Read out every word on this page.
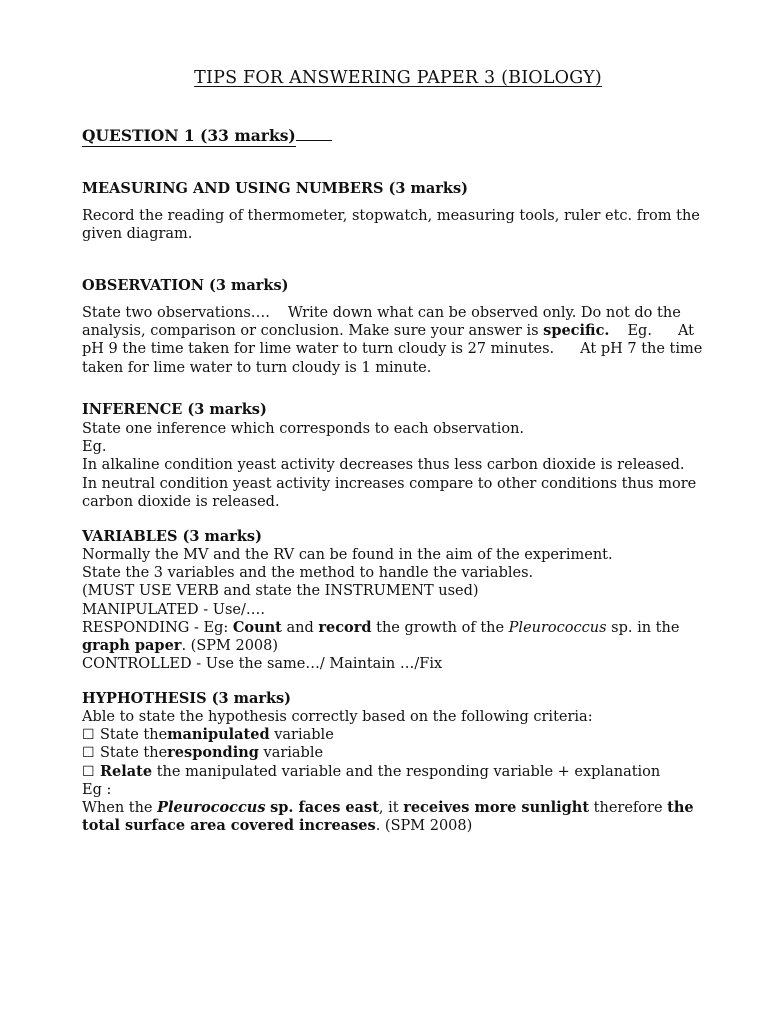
TIPS FOR ANSWERING PAPER 3 (BIOLOGY)
QUESTION 1 (33 marks)
MEASURING AND USING NUMBERS (3 marks)
Record the reading of thermometer, stopwatch, measuring tools, ruler etc. from the
given diagram.
OBSERVATION (3 marks)
State two observations…. Write down what can be observed only. Do not do the
analysis, comparison or conclusion. Make sure your answer is specific. Eg. At
pH 9 the time taken for lime water to turn cloudy is 27 minutes. At pH 7 the time
taken for lime water to turn cloudy is 1 minute.
INFERENCE (3 marks)
State one inference which corresponds to each observation.
Eg.
In alkaline condition yeast activity decreases thus less carbon dioxide is released.
In neutral condition yeast activity increases compare to other conditions thus more
carbon dioxide is released.
VARIABLES (3 marks)
Normally the MV and the RV can be found in the aim of the experiment.
State the 3 variables and the method to handle the variables.
(MUST USE VERB and state the INSTRUMENT used)
MANIPULATED - Use/….
RESPONDING - Eg: Count and record the growth of the Pleurococcus sp. in the
graph paper. (SPM 2008)
CONTROLLED - Use the same…/ Maintain …/Fix
HYPHOTHESIS (3 marks)
Able to state the hypothesis correctly based on the following criteria:
☐ State themanipulated variable
☐ State theresponding variable
☐ Relate the manipulated variable and the responding variable + explanation
Eg :
When the Pleurococcus sp. faces east, it receives more sunlight therefore the
total surface area covered increases. (SPM 2008)
